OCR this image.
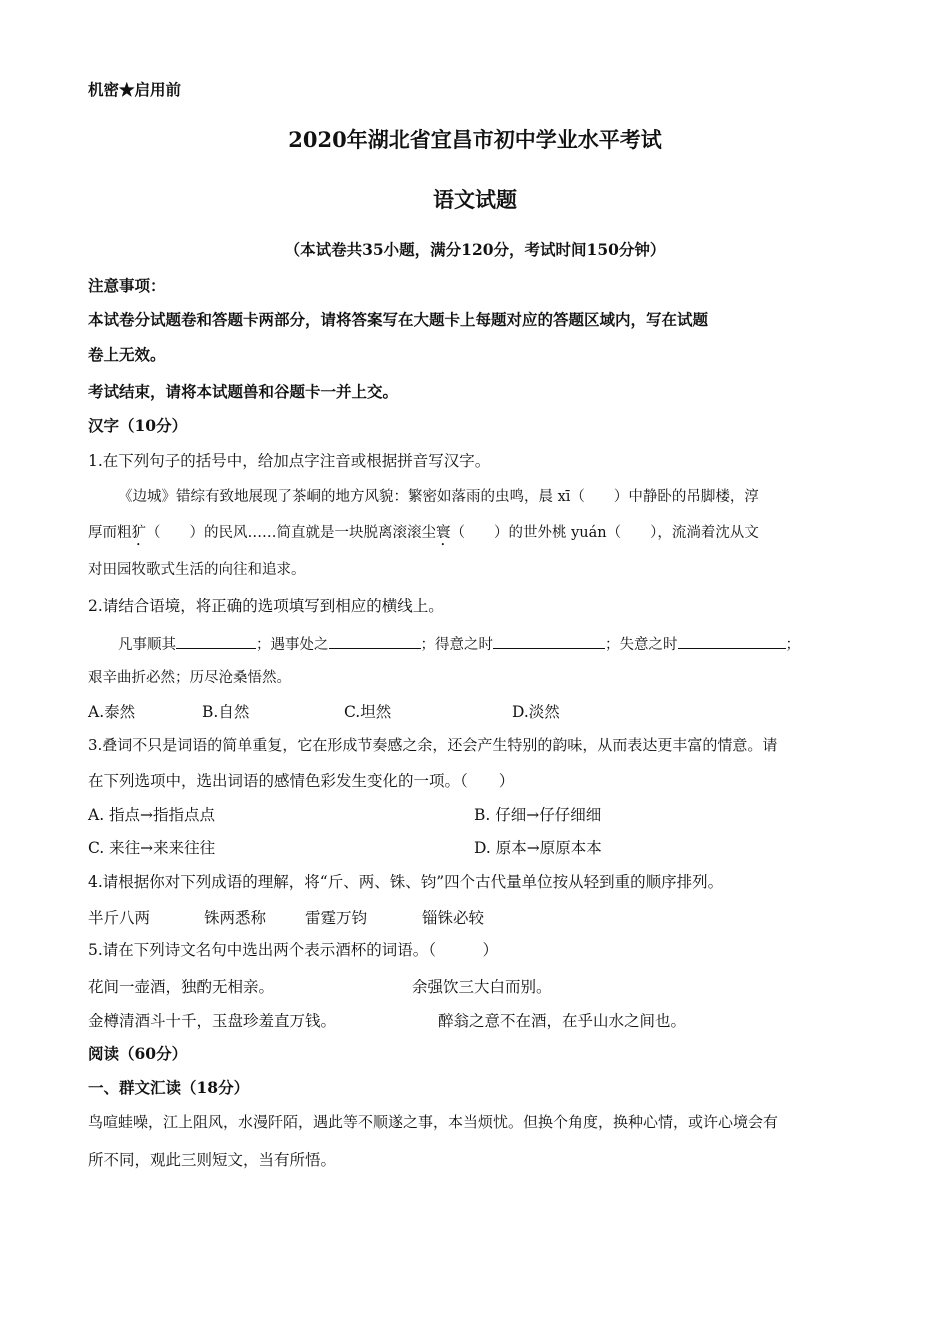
机密★启用前
2020年湖北省宜昌市初中学业水平考试
语文试题
（本试卷共35小题，满分120分，考试时间150分钟）
注意事项：
本试卷分试题卷和答题卡两部分，请将答案写在大题卡上每题对应的答题区域内，写在试题
卷上无效。
考试结束，请将本试题兽和谷题卡一并上交。
汉字（10分）
1.在下列句子的括号中，给加点字注音或根据拼音写汉字。
《边城》错综有致地展现了茶峒的地方风貌：繁密如落雨的虫鸣，晨 xī（　　）中静卧的吊脚楼，淳
厚而粗犷（　　）的民风……简直就是一块脱离滚滚尘寰（　　）的世外桃 yuán（　　），流淌着沈从文
对田园牧歌式生活的向往和追求。
2.请结合语境，将正确的选项填写到相应的横线上。
凡事顺其	；遇事处之	；得意之时	；失意之时	；
艰辛曲折必然；历尽沧桑悟然。
A.泰然	B.自然	C.坦然	D.淡然
3.叠词不只是词语的简单重复，它在形成节奏感之余，还会产生特别的韵味，从而表达更丰富的情意。请
在下列选项中，选出词语的感情色彩发生变化的一项。（　　）
A. 指点→指指点点	B. 仔细→仔仔细细
C. 来往→来来往往	D. 原本→原原本本
4.请根据你对下列成语的理解，将“斤、两、铢、钧”四个古代量单位按从轻到重的顺序排列。
半斤八两	铢两悉称	雷霆万钧	锱铢必较
5.请在下列诗文名句中选出两个表示酒杯的词语。（　　　）
花间一壶酒，独酌无相亲。	余强饮三大白而别。
金樽清酒斗十千，玉盘珍羞直万钱。	醉翁之意不在酒，在乎山水之间也。
阅读（60分）
一、群文汇读（18分）
鸟喧蛙噪，江上阻风，水漫阡陌，遇此等不顺遂之事，本当烦忧。但换个角度，换种心情，或许心境会有
所不同，观此三则短文，当有所悟。
